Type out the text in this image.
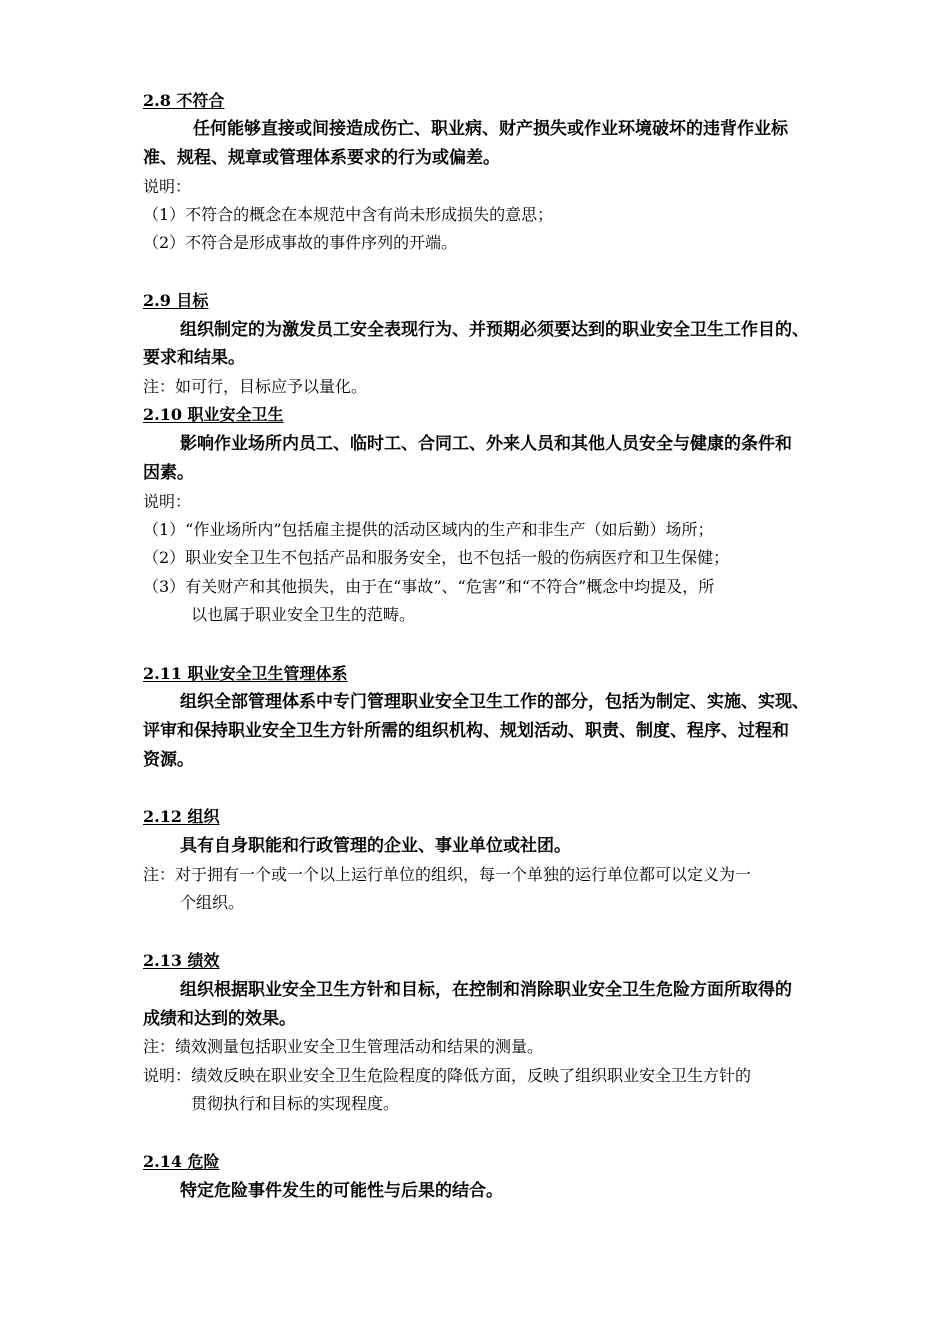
2.8 不符合
任何能够直接或间接造成伤亡、职业病、财产损失或作业环境破坏的违背作业标
准、规程、规章或管理体系要求的行为或偏差。
说明：
（1）不符合的概念在本规范中含有尚未形成损失的意思；
（2）不符合是形成事故的事件序列的开端。
2.9 目标
组织制定的为激发员工安全表现行为、并预期必须要达到的职业安全卫生工作目的、
要求和结果。
注：如可行，目标应予以量化。
2.10 职业安全卫生
影响作业场所内员工、临时工、合同工、外来人员和其他人员安全与健康的条件和
因素。
说明：
（1）“作业场所内”包括雇主提供的活动区域内的生产和非生产（如后勤）场所；
（2）职业安全卫生不包括产品和服务安全，也不包括一般的伤病医疗和卫生保健；
（3）有关财产和其他损失，由于在“事故”、“危害”和“不符合”概念中均提及，所
以也属于职业安全卫生的范畴。
2.11 职业安全卫生管理体系
组织全部管理体系中专门管理职业安全卫生工作的部分，包括为制定、实施、实现、
评审和保持职业安全卫生方针所需的组织机构、规划活动、职责、制度、程序、过程和
资源。
2.12 组织
具有自身职能和行政管理的企业、事业单位或社团。
注：对于拥有一个或一个以上运行单位的组织，每一个单独的运行单位都可以定义为一
个组织。
2.13 绩效
组织根据职业安全卫生方针和目标，在控制和消除职业安全卫生危险方面所取得的
成绩和达到的效果。
注：绩效测量包括职业安全卫生管理活动和结果的测量。
说明：绩效反映在职业安全卫生危险程度的降低方面，反映了组织职业安全卫生方针的
贯彻执行和目标的实现程度。
2.14 危险
特定危险事件发生的可能性与后果的结合。
